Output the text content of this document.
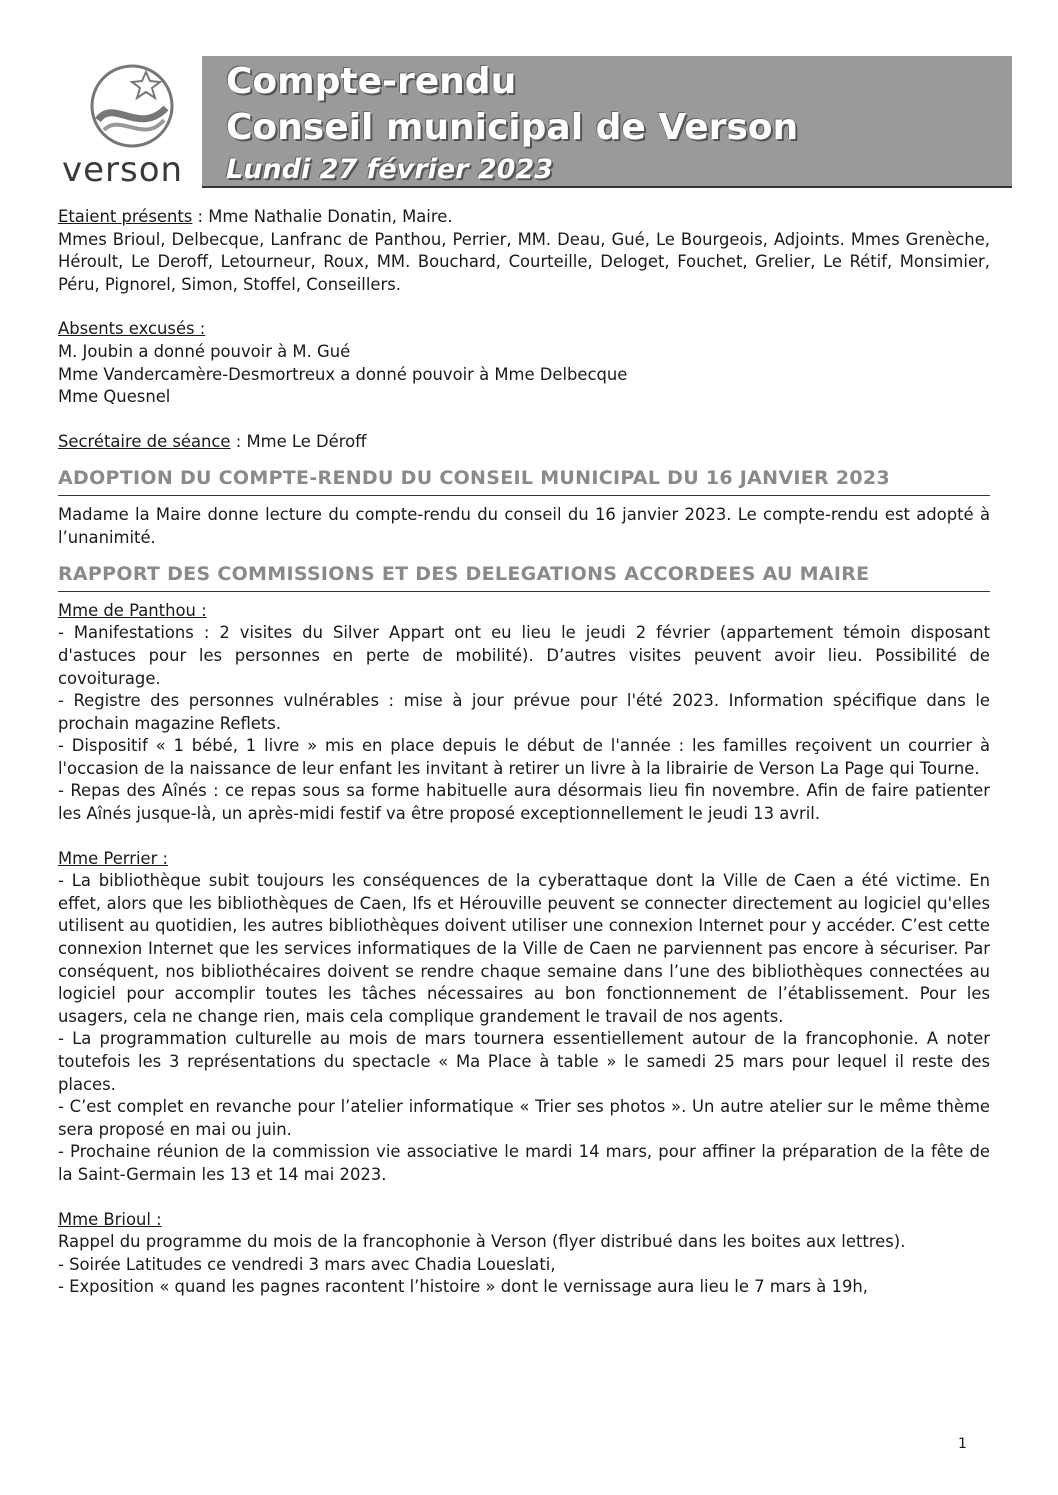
verson
Compte-rendu
Conseil municipal de Verson
Lundi 27 février 2023

Etaient présents : Mme Nathalie Donatin, Maire.

Mmes Brioul, Delbecque, Lanfranc de Panthou, Perrier, MM. Deau, Gué, Le Bourgeois, Adjoints. Mmes Grenèche, Héroult, Le Deroff, Letourneur, Roux, MM. Bouchard, Courteille, Deloget, Fouchet, Grelier, Le Rétif, Monsimier, Péru, Pignorel, Simon, Stoffel, Conseillers.

Absents excusés :

M. Joubin a donné pouvoir à M. Gué

Mme Vandercamère-Desmortreux a donné pouvoir à Mme Delbecque

Mme Quesnel

Secrétaire de séance : Mme Le Déroff

ADOPTION DU COMPTE-RENDU DU CONSEIL MUNICIPAL DU 16 JANVIER 2023

Madame la Maire donne lecture du compte-rendu du conseil du 16 janvier 2023. Le compte-rendu est adopté à l’unanimité.

RAPPORT DES COMMISSIONS ET DES DELEGATIONS ACCORDEES AU MAIRE

Mme de Panthou :

- Manifestations : 2 visites du Silver Appart ont eu lieu le jeudi 2 février (appartement témoin disposant d'astuces pour les personnes en perte de mobilité). D’autres visites peuvent avoir lieu. Possibilité de covoiturage.

- Registre des personnes vulnérables : mise à jour prévue pour l'été 2023. Information spécifique dans le prochain magazine Reflets.

- Dispositif « 1 bébé, 1 livre » mis en place depuis le début de l'année : les familles reçoivent un courrier à l'occasion de la naissance de leur enfant les invitant à retirer un livre à la librairie de Verson La Page qui Tourne.

- Repas des Aînés : ce repas sous sa forme habituelle aura désormais lieu fin novembre. Afin de faire patienter les Aînés jusque-là, un après-midi festif va être proposé exceptionnellement le jeudi 13 avril.

Mme Perrier :

- La bibliothèque subit toujours les conséquences de la cyberattaque dont la Ville de Caen a été victime. En effet, alors que les bibliothèques de Caen, Ifs et Hérouville peuvent se connecter directement au logiciel qu'elles utilisent au quotidien, les autres bibliothèques doivent utiliser une connexion Internet pour y accéder. C’est cette connexion Internet que les services informatiques de la Ville de Caen ne parviennent pas encore à sécuriser. Par conséquent, nos bibliothécaires doivent se rendre chaque semaine dans l’une des bibliothèques connectées au logiciel pour accomplir toutes les tâches nécessaires au bon fonctionnement de l’établissement. Pour les usagers, cela ne change rien, mais cela complique grandement le travail de nos agents.

- La programmation culturelle au mois de mars tournera essentiellement autour de la francophonie. A noter toutefois les 3 représentations du spectacle « Ma Place à table » le samedi 25 mars pour lequel il reste des places.

- C’est complet en revanche pour l’atelier informatique « Trier ses photos ». Un autre atelier sur le même thème sera proposé en mai ou juin.

- Prochaine réunion de la commission vie associative le mardi 14 mars, pour affiner la préparation de la fête de la Saint-Germain les 13 et 14 mai 2023.

Mme Brioul :

Rappel du programme du mois de la francophonie à Verson (flyer distribué dans les boites aux lettres).

- Soirée Latitudes ce vendredi 3 mars avec Chadia Loueslati,

- Exposition « quand les pagnes racontent l’histoire » dont le vernissage aura lieu le 7 mars à 19h,

1
